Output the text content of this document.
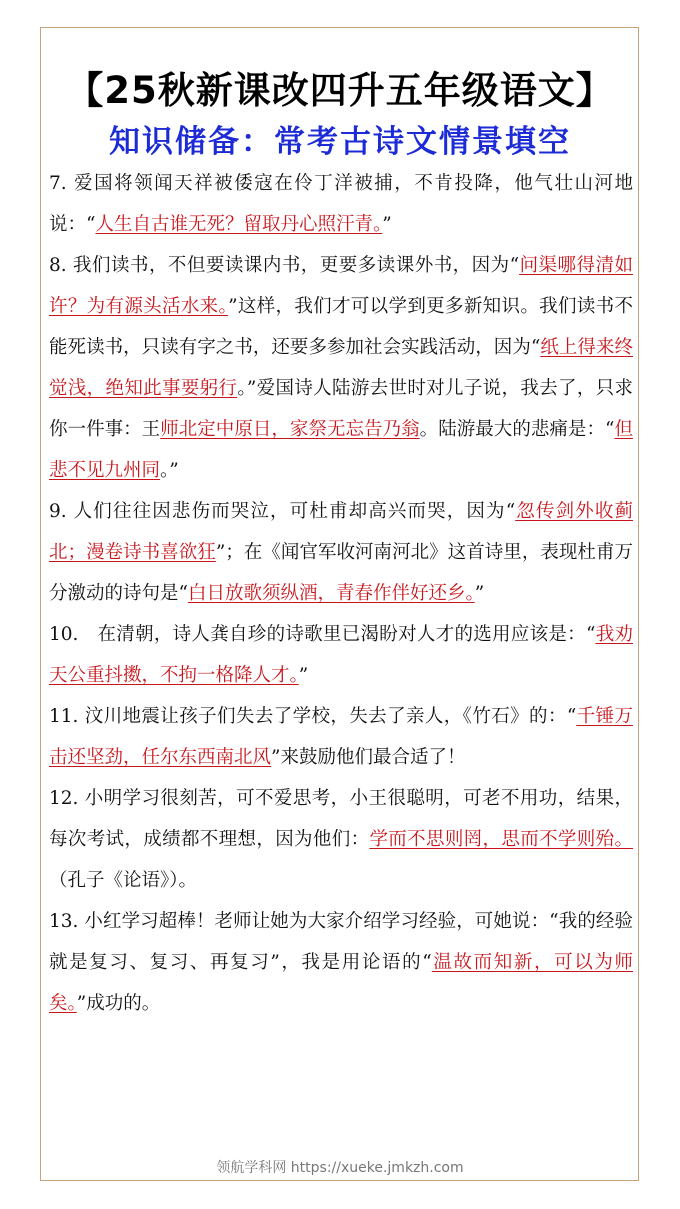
【25秋新课改四升五年级语文】
知识储备：常考古诗文情景填空

7. 爱国将领闻天祥被倭寇在伶丁洋被捕，不肯投降，他气壮山河地说：“人生自古谁无死？留取丹心照汗青。”

8. 我们读书，不但要读课内书，更要多读课外书，因为“问渠哪得清如许？为有源头活水来。”这样，我们才可以学到更多新知识。我们读书不能死读书，只读有字之书，还要多参加社会实践活动，因为“纸上得来终觉浅，绝知此事要躬行。”爱国诗人陆游去世时对儿子说，我去了，只求你一件事：王师北定中原日，家祭无忘告乃翁。陆游最大的悲痛是：“但悲不见九州同。”

9. 人们往往因悲伤而哭泣，可杜甫却高兴而哭，因为“忽传剑外收蓟北；漫卷诗书喜欲狂”；在《闻官军收河南河北》这首诗里，表现杜甫万分激动的诗句是“白日放歌须纵酒，青春作伴好还乡。”

10.　在清朝，诗人龚自珍的诗歌里已渴盼对人才的选用应该是：“我劝天公重抖擞，不拘一格降人才。”

11. 汶川地震让孩子们失去了学校，失去了亲人，《竹石》的：“千锤万击还坚劲，任尔东西南北风”来鼓励他们最合适了！

12. 小明学习很刻苦，可不爱思考，小王很聪明，可老不用功，结果，每次考试，成绩都不理想，因为他们：学而不思则罔，思而不学则殆。（孔子《论语》）。

13. 小红学习超棒！老师让她为大家介绍学习经验，可她说：“我的经验就是复习、复习、再复习”，我是用论语的“温故而知新，可以为师矣。”成功的。

领航学科网 https://xueke.jmkzh.com
